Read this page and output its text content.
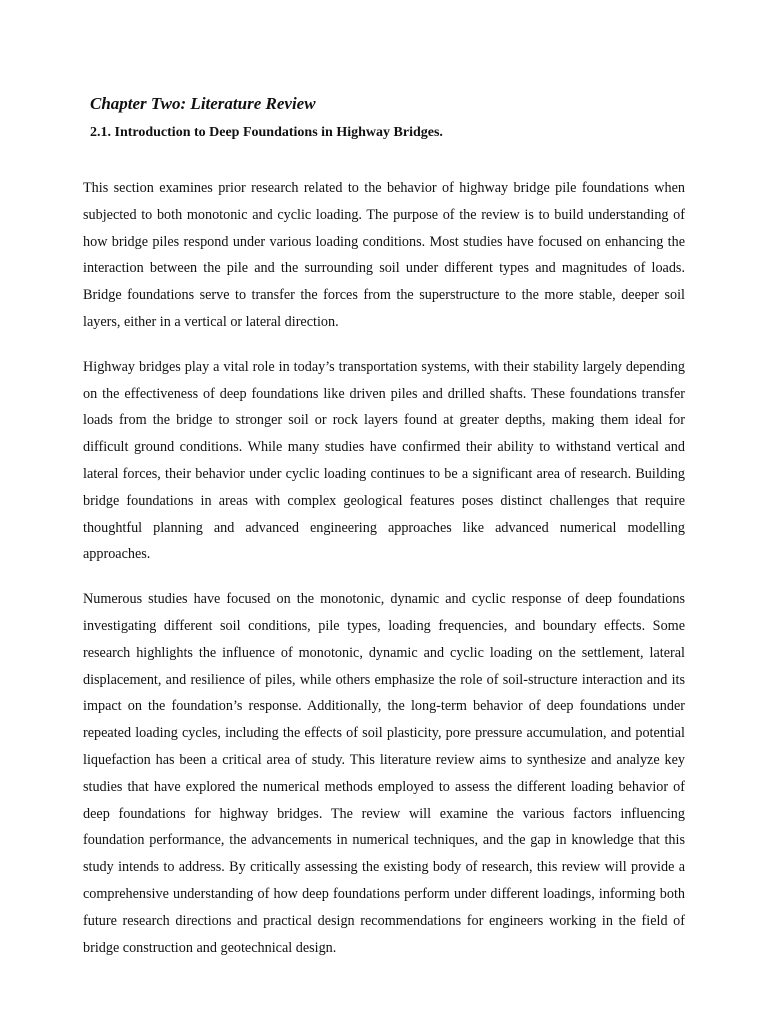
Chapter Two: Literature Review
2.1. Introduction to Deep Foundations in Highway Bridges.

This section examines prior research related to the behavior of highway bridge pile foundations when subjected to both monotonic and cyclic loading. The purpose of the review is to build understanding of how bridge piles respond under various loading conditions. Most studies have focused on enhancing the interaction between the pile and the surrounding soil under different types and magnitudes of loads. Bridge foundations serve to transfer the forces from the superstructure to the more stable, deeper soil layers, either in a vertical or lateral direction.

Highway bridges play a vital role in today’s transportation systems, with their stability largely depending on the effectiveness of deep foundations like driven piles and drilled shafts. These foundations transfer loads from the bridge to stronger soil or rock layers found at greater depths, making them ideal for difficult ground conditions. While many studies have confirmed their ability to withstand vertical and lateral forces, their behavior under cyclic loading continues to be a significant area of research. Building bridge foundations in areas with complex geological features poses distinct challenges that require thoughtful planning and advanced engineering approaches like advanced numerical modelling approaches.

Numerous studies have focused on the monotonic, dynamic and cyclic response of deep foundations investigating different soil conditions, pile types, loading frequencies, and boundary effects. Some research highlights the influence of monotonic, dynamic and cyclic loading on the settlement, lateral displacement, and resilience of piles, while others emphasize the role of soil-structure interaction and its impact on the foundation’s response. Additionally, the long-term behavior of deep foundations under repeated loading cycles, including the effects of soil plasticity, pore pressure accumulation, and potential liquefaction has been a critical area of study. This literature review aims to synthesize and analyze key studies that have explored the numerical methods employed to assess the different loading behavior of deep foundations for highway bridges. The review will examine the various factors influencing foundation performance, the advancements in numerical techniques, and the gap in knowledge that this study intends to address. By critically assessing the existing body of research, this review will provide a comprehensive understanding of how deep foundations perform under different loadings, informing both future research directions and practical design recommendations for engineers working in the field of bridge construction and geotechnical design.
